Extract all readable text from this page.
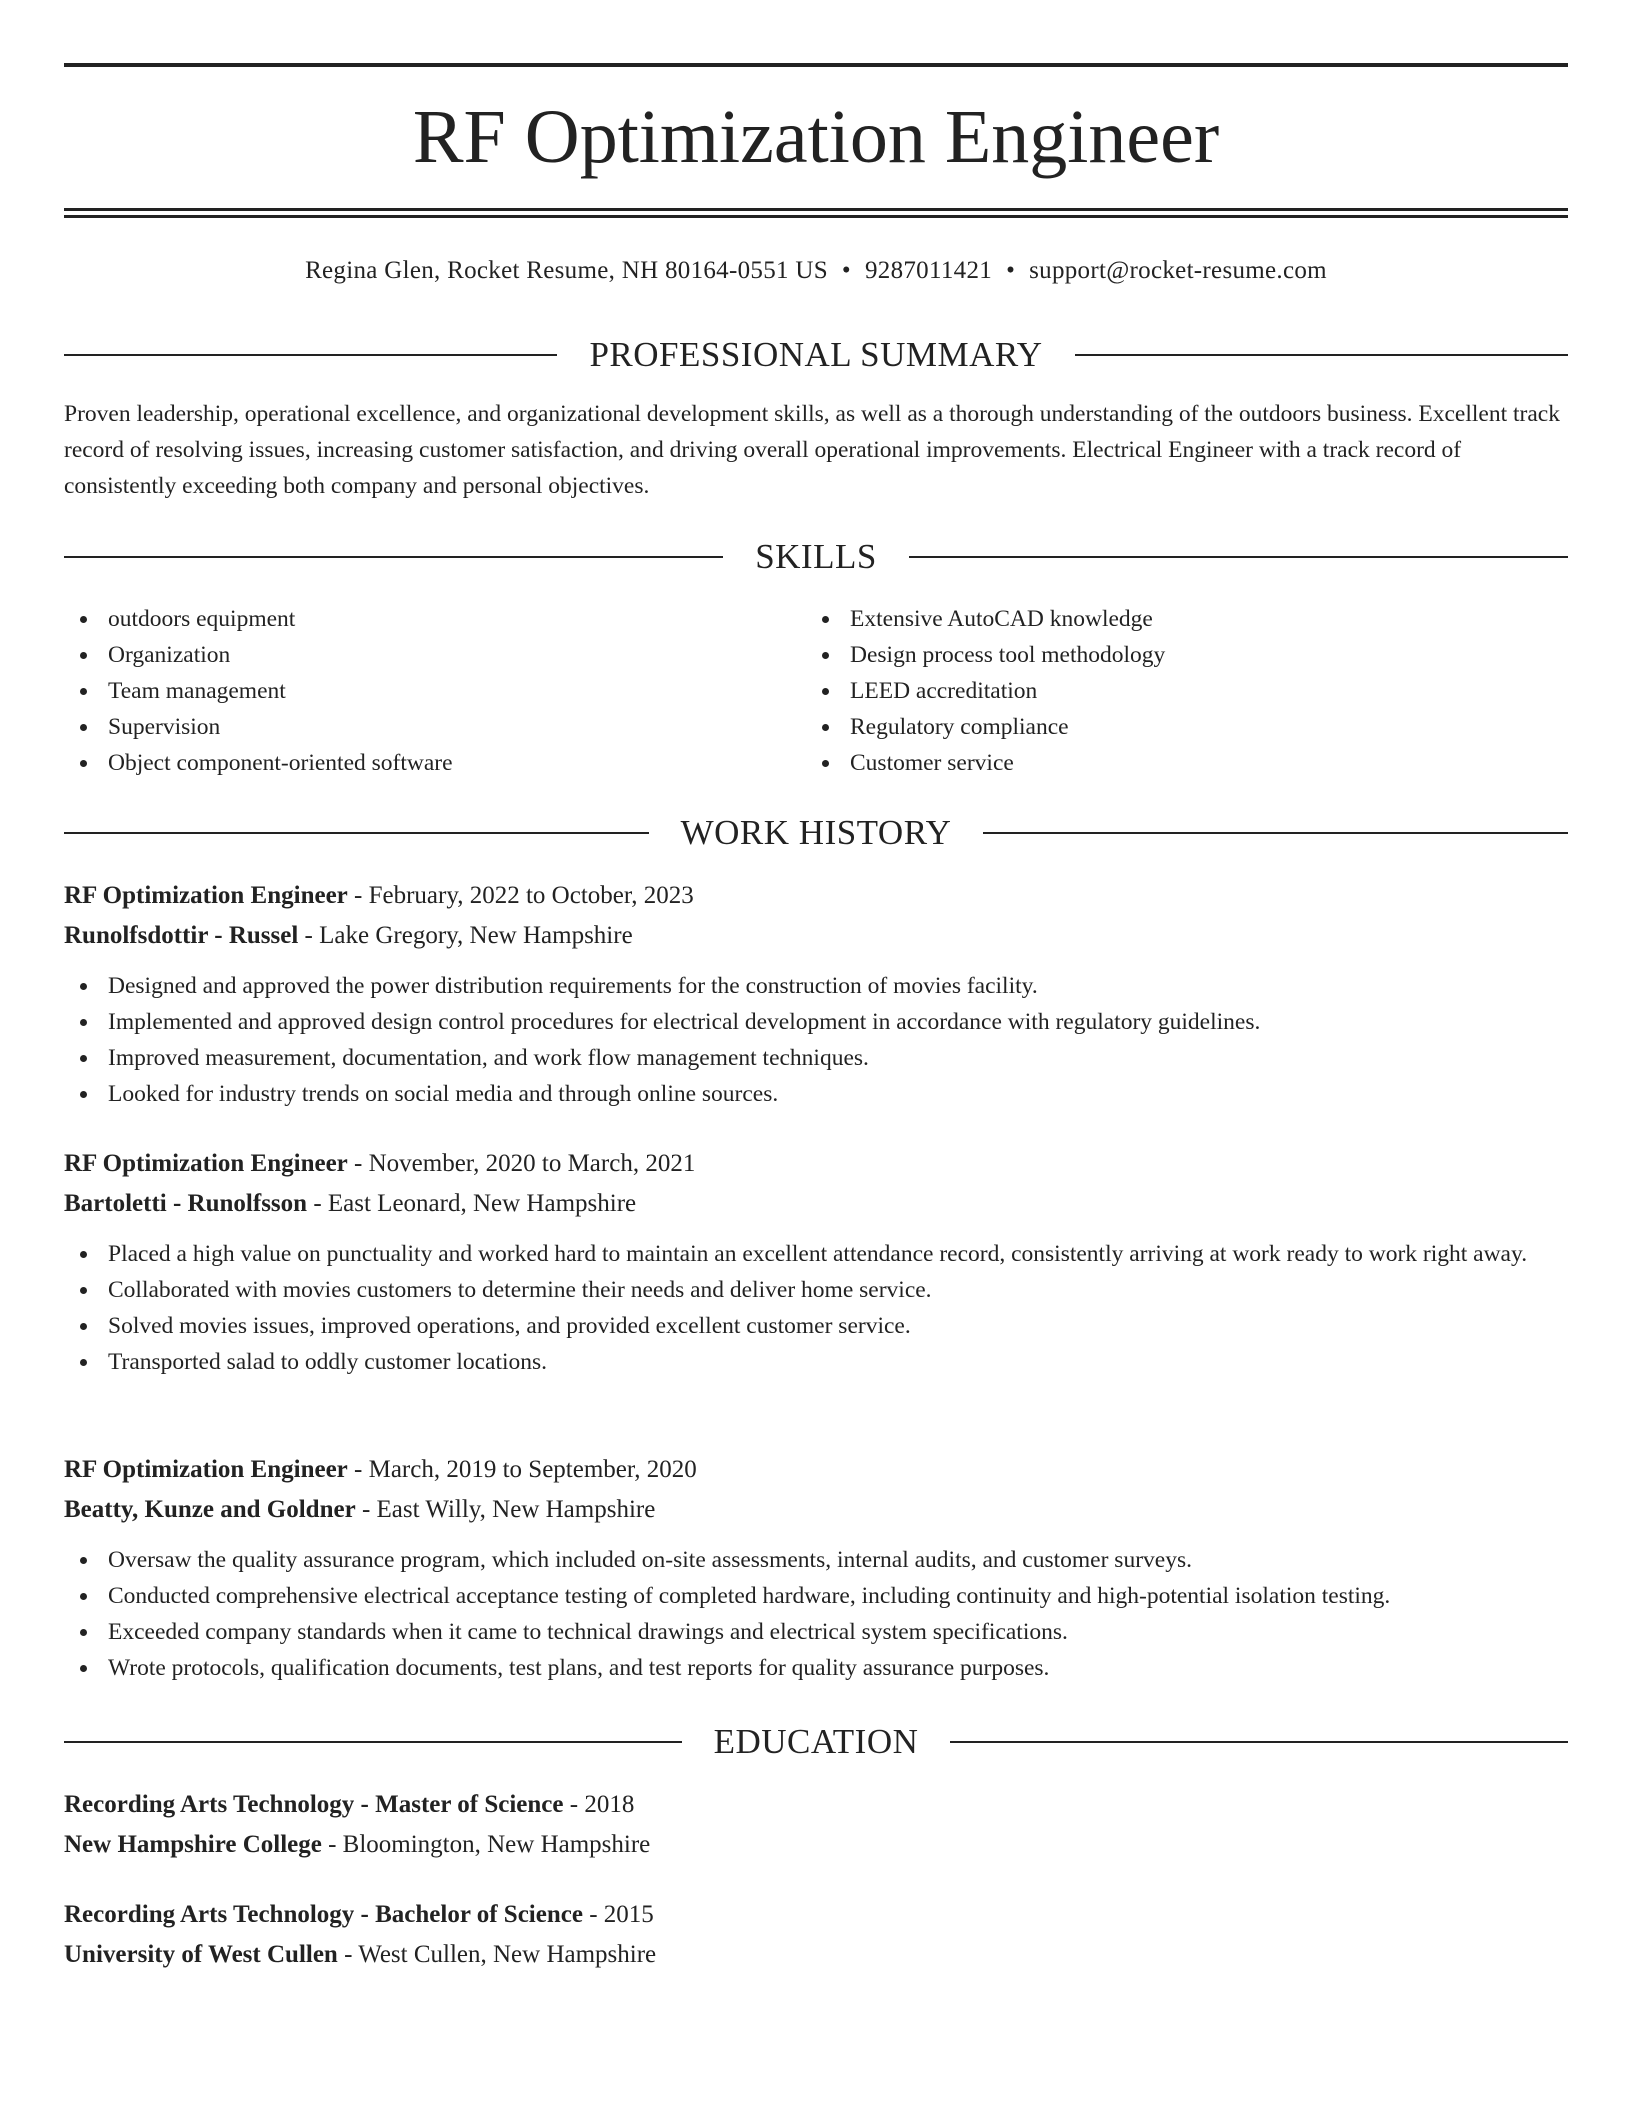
RF Optimization Engineer
Regina Glen, Rocket Resume, NH 80164-0551 US • 9287011421 • support@rocket-resume.com
PROFESSIONAL SUMMARY
Proven leadership, operational excellence, and organizational development skills, as well as a thorough understanding of the outdoors business. Excellent track record of resolving issues, increasing customer satisfaction, and driving overall operational improvements. Electrical Engineer with a track record of consistently exceeding both company and personal objectives.
SKILLS
outdoors equipment
Organization
Team management
Supervision
Object component-oriented software
Extensive AutoCAD knowledge
Design process tool methodology
LEED accreditation
Regulatory compliance
Customer service
WORK HISTORY
RF Optimization Engineer - February, 2022 to October, 2023
Runolfsdottir - Russel - Lake Gregory, New Hampshire
Designed and approved the power distribution requirements for the construction of movies facility.
Implemented and approved design control procedures for electrical development in accordance with regulatory guidelines.
Improved measurement, documentation, and work flow management techniques.
Looked for industry trends on social media and through online sources.
RF Optimization Engineer - November, 2020 to March, 2021
Bartoletti - Runolfsson - East Leonard, New Hampshire
Placed a high value on punctuality and worked hard to maintain an excellent attendance record, consistently arriving at work ready to work right away.
Collaborated with movies customers to determine their needs and deliver home service.
Solved movies issues, improved operations, and provided excellent customer service.
Transported salad to oddly customer locations.
RF Optimization Engineer - March, 2019 to September, 2020
Beatty, Kunze and Goldner - East Willy, New Hampshire
Oversaw the quality assurance program, which included on-site assessments, internal audits, and customer surveys.
Conducted comprehensive electrical acceptance testing of completed hardware, including continuity and high-potential isolation testing.
Exceeded company standards when it came to technical drawings and electrical system specifications.
Wrote protocols, qualification documents, test plans, and test reports for quality assurance purposes.
EDUCATION
Recording Arts Technology - Master of Science - 2018
New Hampshire College - Bloomington, New Hampshire
Recording Arts Technology - Bachelor of Science - 2015
University of West Cullen - West Cullen, New Hampshire
